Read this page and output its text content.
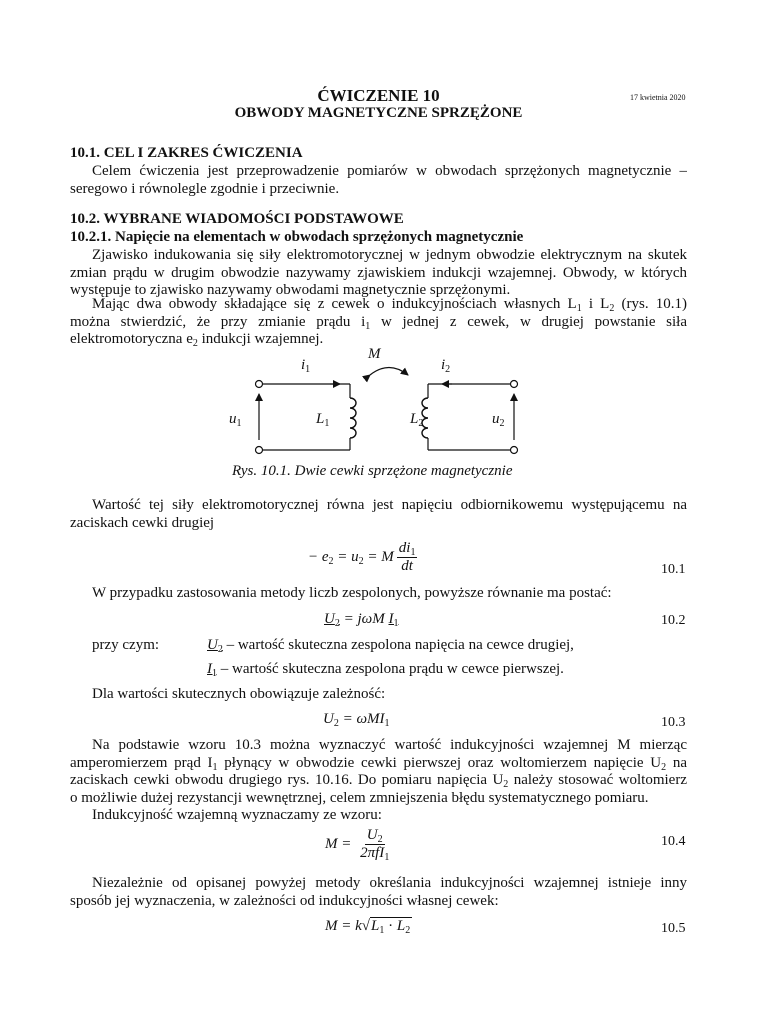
ĆWICZENIE 10	17 kwietnia 2020
OBWODY MAGNETYCZNE SPRZĘŻONE
10.1. CEL I ZAKRES ĆWICZENIA
Celem ćwiczenia jest przeprowadzenie pomiarów w obwodach sprzężonych magnetycznie –
seregowo i równolegle zgodnie i przeciwnie.
10.2. WYBRANE WIADOMOŚCI PODSTAWOWE
10.2.1. Napięcie na elementach w obwodach sprzężonych magnetycznie
Zjawisko indukowania się siły elektromotorycznej w jednym obwodzie elektrycznym na skutek
zmian prądu w drugim obwodzie nazywamy zjawiskiem indukcji wzajemnej. Obwody, w których
występuje to zjawisko nazywamy obwodami magnetycznie sprzężonymi.
Mając dwa obwody składające się z cewek o indukcyjnościach własnych $L_1$ i $L_2$ (rys. 10.1)
można stwierdzić, że przy zmianie prądu $i_1$ w jednej z cewek, w drugiej powstanie siła
elektromotoryczna $e_2$ indukcji wzajemnej.
M
$i_1$	$i_2$
$u_1$	$L_1$	$L_2$	$u_2$
Rys. 10.1. Dwie cewki sprzężone magnetycznie
Wartość tej siły elektromotorycznej równa jest napięciu odbiornikowemu występującemu na
zaciskach cewki drugiej
− $e_2 = u_2 = M \frac{di_1}{dt}$	10.1
W przypadku zastosowania metody liczb zespolonych, powyższe równanie ma postać:
$U_2 = j\omega M$ $I_1$	10.2
przy czym:	$U_2$ – wartość skuteczna zespolona napięcia na cewce drugiej,
$I_1$ – wartość skuteczna zespolona prądu w cewce pierwszej.
Dla wartości skutecznych obowiązuje zależność:
$U_2 = \omega MI_1$	10.3
Na podstawie wzoru 10.3 można wyznaczyć wartość indukcyjności wzajemnej M mierząc
amperomierzem prąd $I_1$ płynący w obwodzie cewki pierwszej oraz woltomierzem napięcie $U_2$ na
zaciskach cewki obwodu drugiego rys. 10.16. Do pomiaru napięcia $U_2$ należy stosować woltomierz
o możliwie dużej rezystancji wewnętrznej, celem zmniejszenia błędu systematycznego pomiaru.
Indukcyjność wzajemną wyznaczamy ze wzoru:
$M = \frac{U_2}{2\pi fI_1}$	10.4
Niezależnie od opisanej powyżej metody określania indukcyjności wzajemnej istnieje inny
sposób jej wyznaczenia, w zależności od indukcyjności własnej cewek:
$M = k√L_1 \cdot L_2$	10.5
